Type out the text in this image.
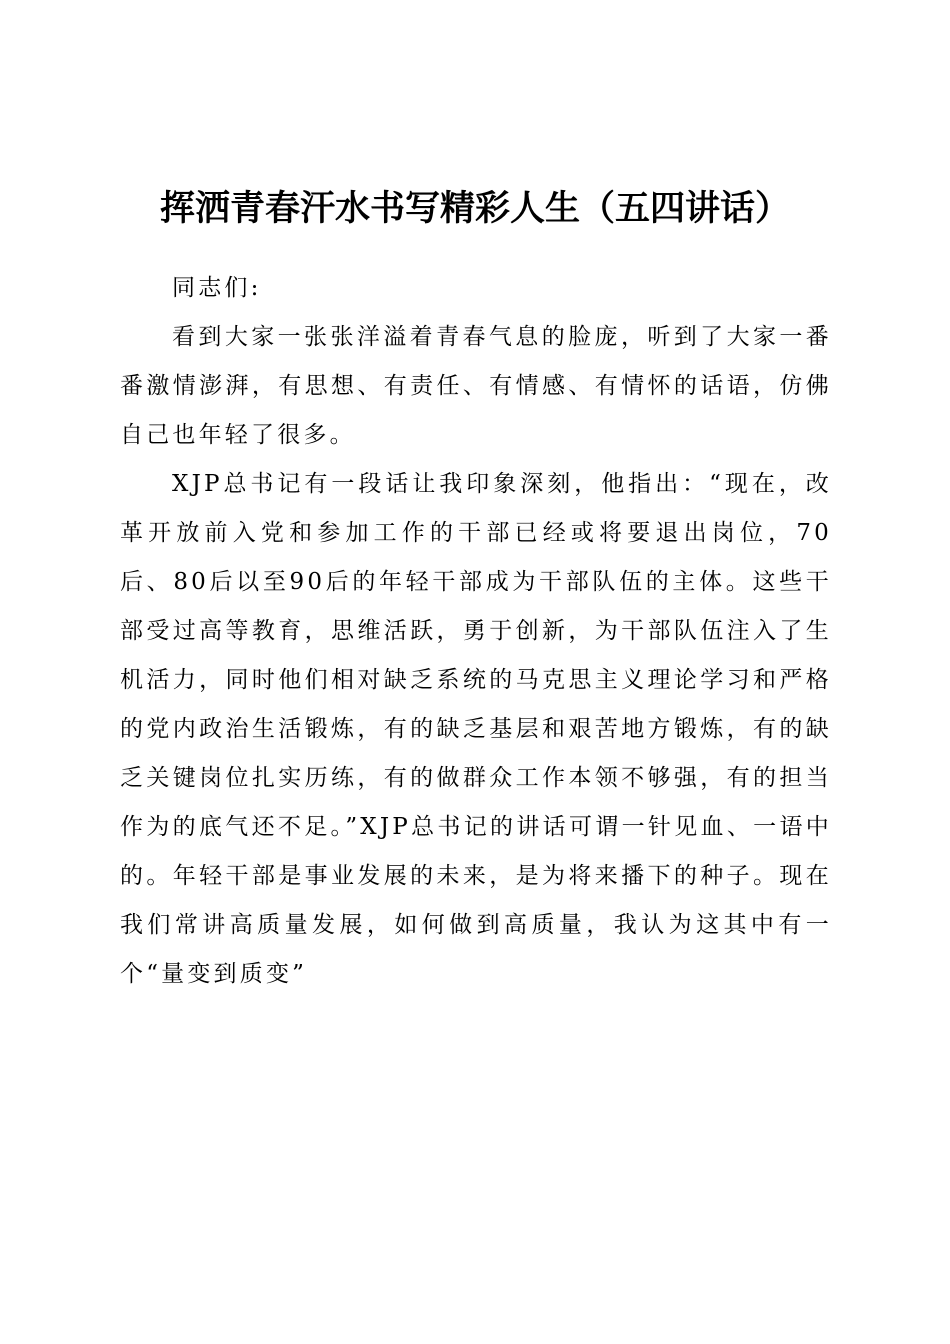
挥洒青春汗水书写精彩人生（五四讲话）

同志们:

看到大家一张张洋溢着青春气息的脸庞，听到了大家一番番激情澎湃，有思想、有责任、有情感、有情怀的话语，仿佛自己也年轻了很多。

XJP总书记有一段话让我印象深刻，他指出：“现在，改革开放前入党和参加工作的干部已经或将要退出岗位，70后、80后以至90后的年轻干部成为干部队伍的主体。这些干部受过高等教育，思维活跃，勇于创新，为干部队伍注入了生机活力，同时他们相对缺乏系统的马克思主义理论学习和严格的党内政治生活锻炼，有的缺乏基层和艰苦地方锻炼，有的缺乏关键岗位扎实历练，有的做群众工作本领不够强，有的担当作为的底气还不足。”XJP总书记的讲话可谓一针见血、一语中的。年轻干部是事业发展的未来，是为将来播下的种子。现在我们常讲高质量发展，如何做到高质量，我认为这其中有一个“量变到质变”
